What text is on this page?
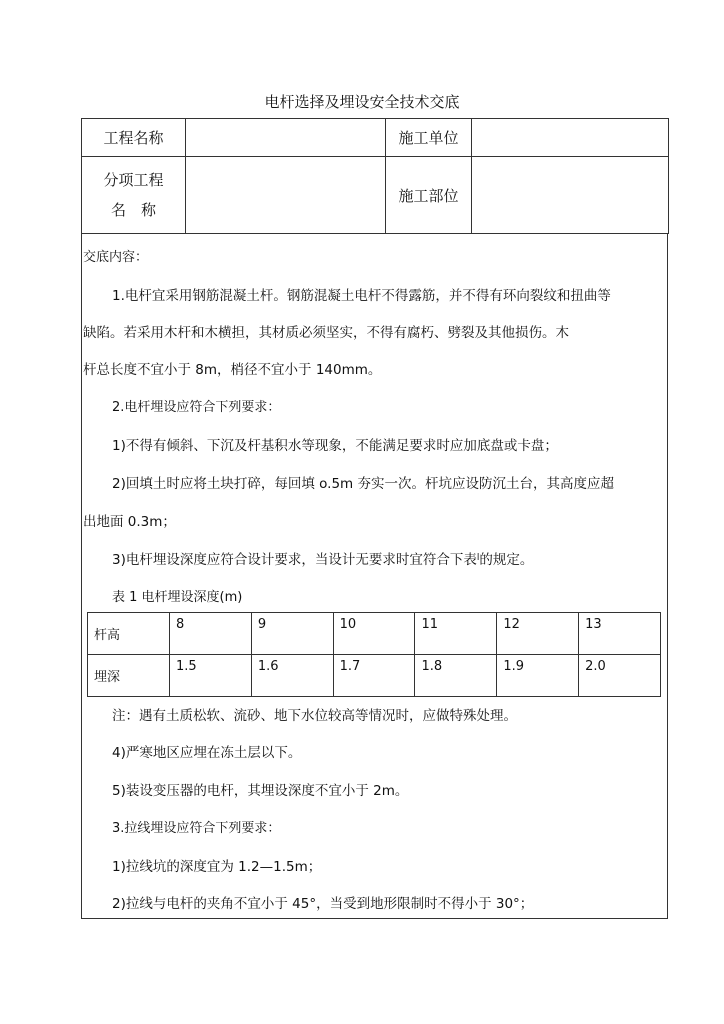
电杆选择及埋设安全技术交底
工程名称		施工单位	

分项工程
名　称		施工部位	
交底内容：
1.电杆宜采用钢筋混凝土杆。钢筋混凝土电杆不得露筋，并不得有环向裂纹和扭曲等
缺陷。若采用木杆和木横担，其材质必须坚实，不得有腐朽、劈裂及其他损伤。木
杆总长度不宜小于 8m，梢径不宜小于 140mm。
2.电杆埋设应符合下列要求：
1)不得有倾斜、下沉及杆基积水等现象，不能满足要求时应加底盘或卡盘；
2)回填土时应将土块打碎，每回填 o.5m 夯实一次。杆坑应设防沉土台，其高度应超
出地面 0.3m；
3)电杆埋设深度应符合设计要求，当设计无要求时宜符合下表$^l$的规定。
表 1 电杆埋设深度(m)
杆高	8	9	10	11	12	13
埋深	1.5	1.6	1.7	1.8	1.9	2.0
注：遇有土质松软、流砂、地下水位较高等情况时，应做特殊处理。
4)严寒地区应埋在冻土层以下。
5)装设变压器的电杆，其埋设深度不宜小于 2m。
3.拉线埋设应符合下列要求：
1)拉线坑的深度宜为 1.2—1.5m；
2)拉线与电杆的夹角不宜小于 45°，当受到地形限制时不得小于 30°；
